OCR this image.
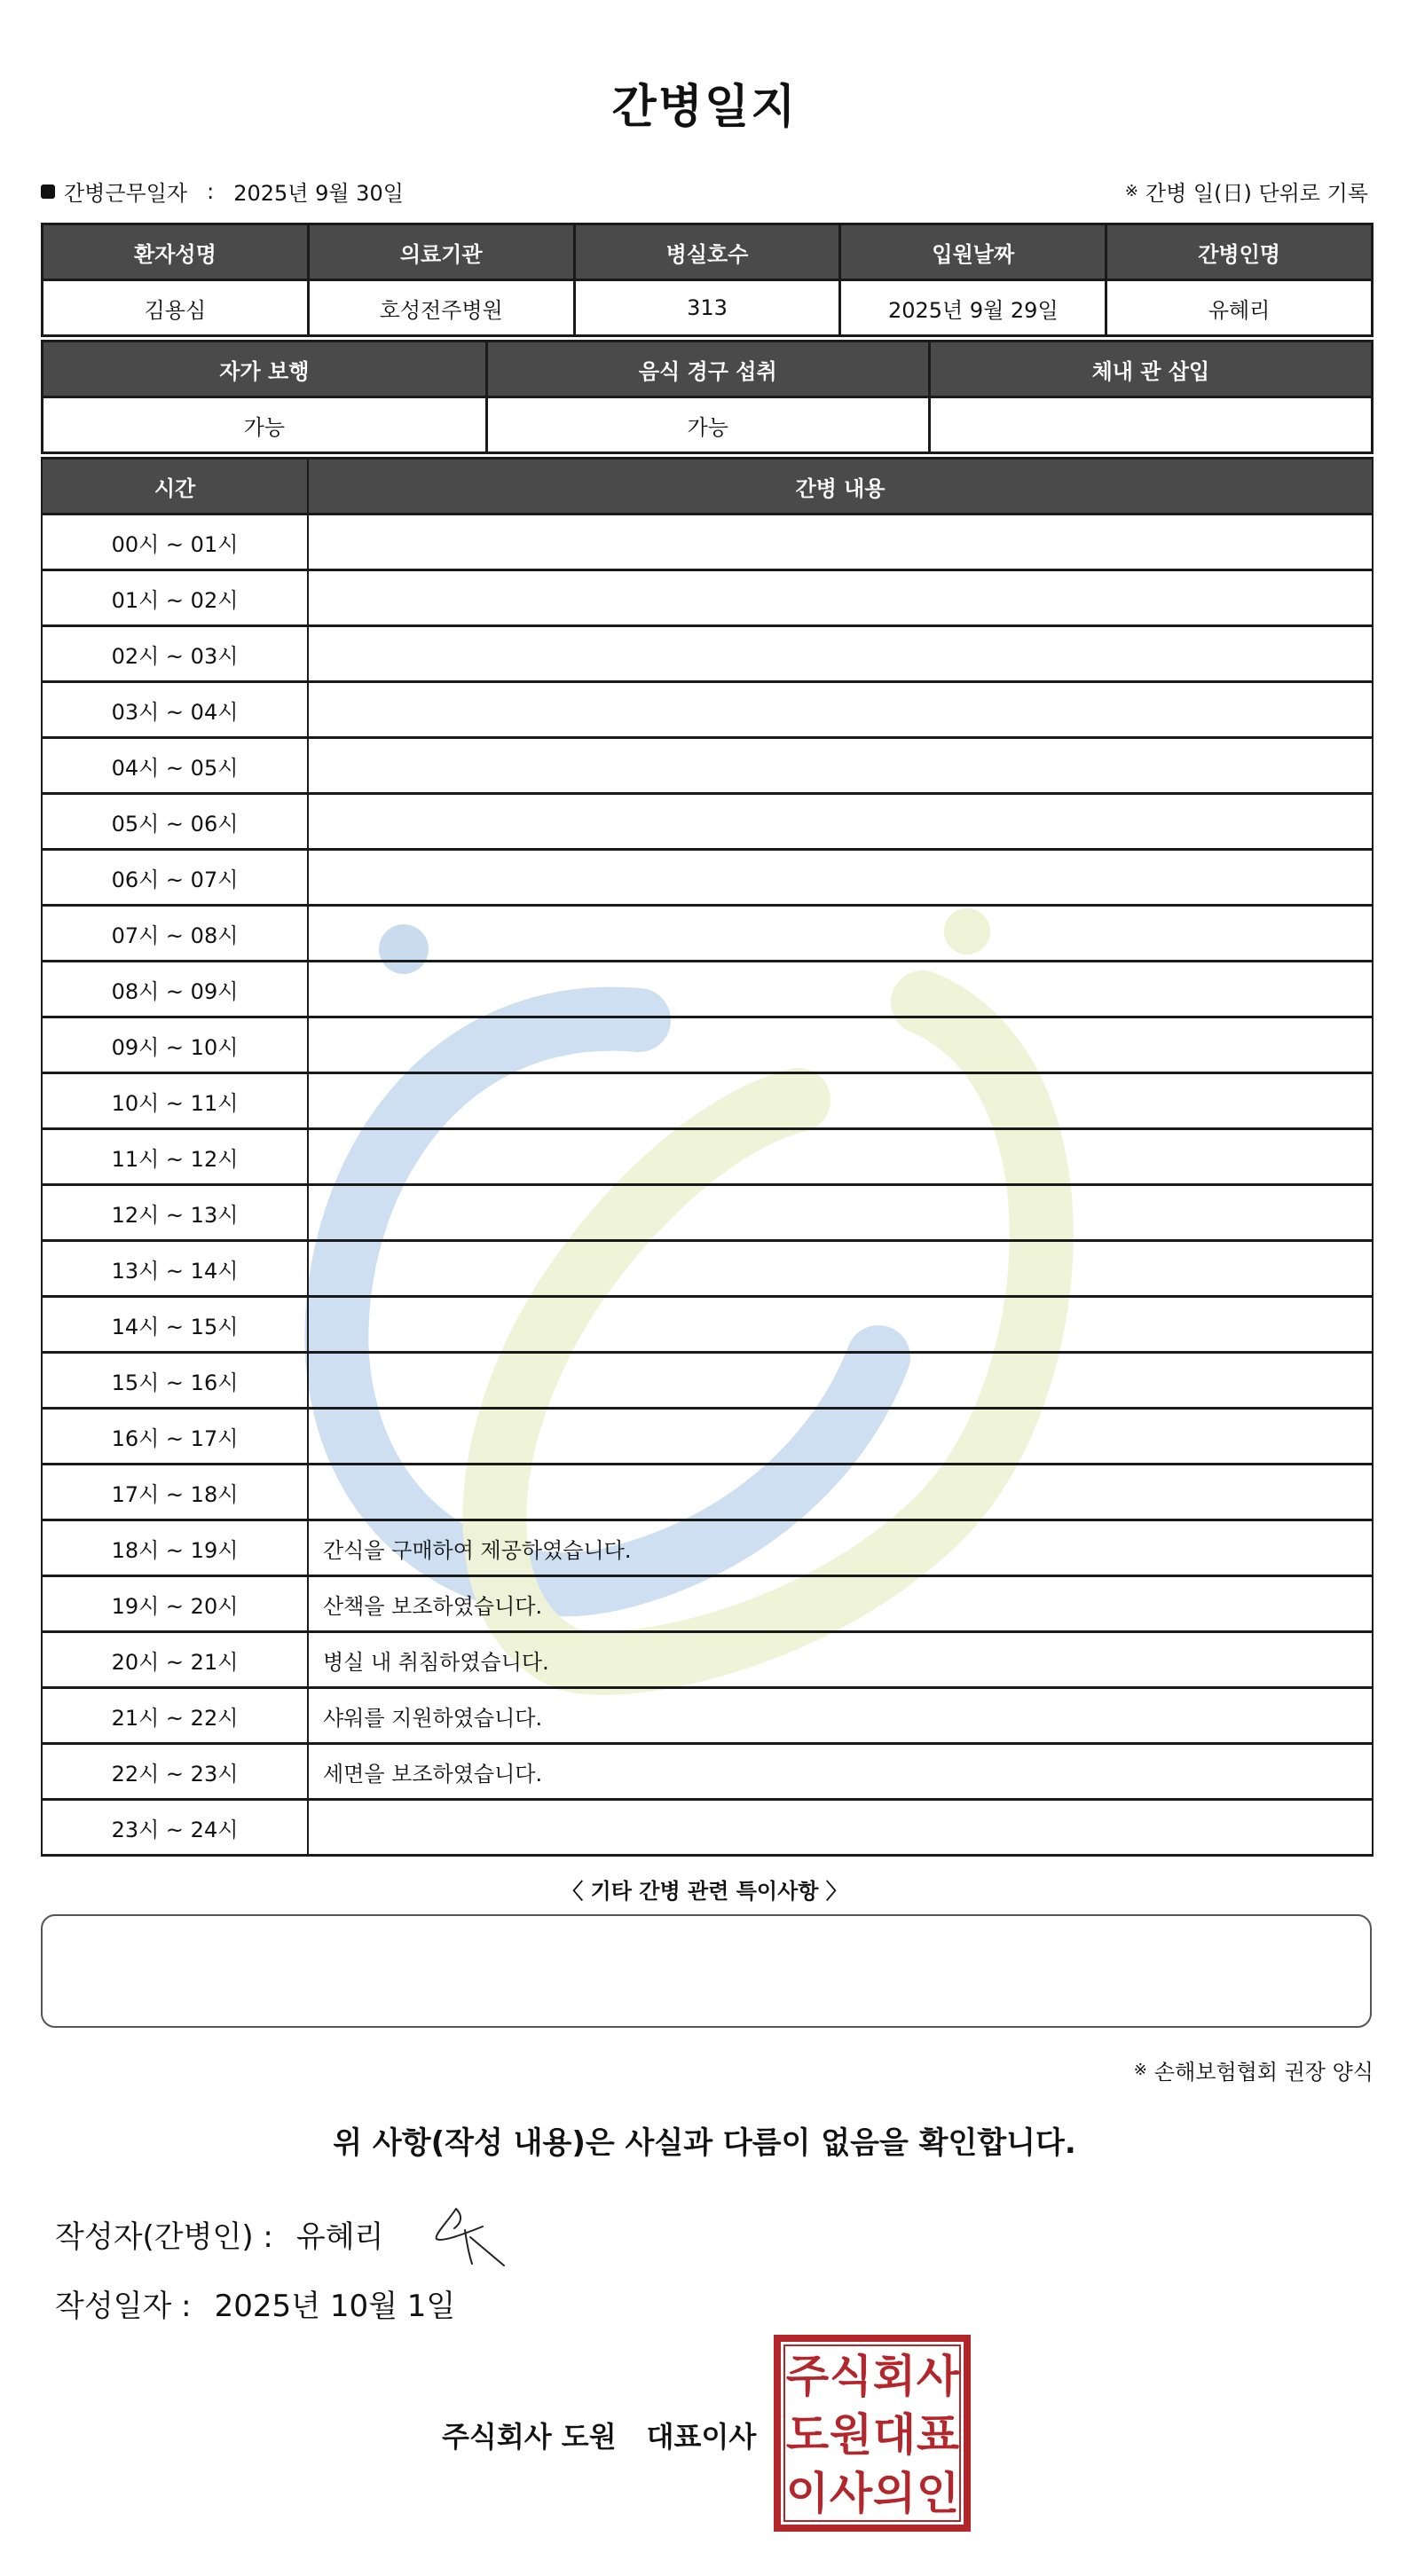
간병일지
간병근무일자 : 2025년 9월 30일	※ 간병 일(日) 단위로 기록
환자성명	의료기관	병실호수	입원날짜	간병인명
김용심	호성전주병원	313	2025년 9월 29일	유혜리
자가 보행	음식 경구 섭취	체내 관 삽입
가능	가능	
시간	간병 내용
00시 ~ 01시	
01시 ~ 02시	
02시 ~ 03시	
03시 ~ 04시	
04시 ~ 05시	
05시 ~ 06시	
06시 ~ 07시	
07시 ~ 08시	
08시 ~ 09시	
09시 ~ 10시	
10시 ~ 11시	
11시 ~ 12시	
12시 ~ 13시	
13시 ~ 14시	
14시 ~ 15시	
15시 ~ 16시	
16시 ~ 17시	
17시 ~ 18시	
18시 ~ 19시	간식을 구매하여 제공하였습니다.
19시 ~ 20시	산책을 보조하였습니다.
20시 ~ 21시	병실 내 취침하였습니다.
21시 ~ 22시	샤워를 지원하였습니다.
22시 ~ 23시	세면을 보조하였습니다.
23시 ~ 24시	
〈 기타 간병 관련 특이사항 〉
※ 손해보험협회 권장 양식
위 사항(작성 내용)은 사실과 다름이 없음을 확인합니다.
작성자(간병인) : 유혜리
작성일자 : 2025년 10월 1일
주식회사 도원 대표이사
주 식 회 사
도 원 대 표
이 사 의 인
